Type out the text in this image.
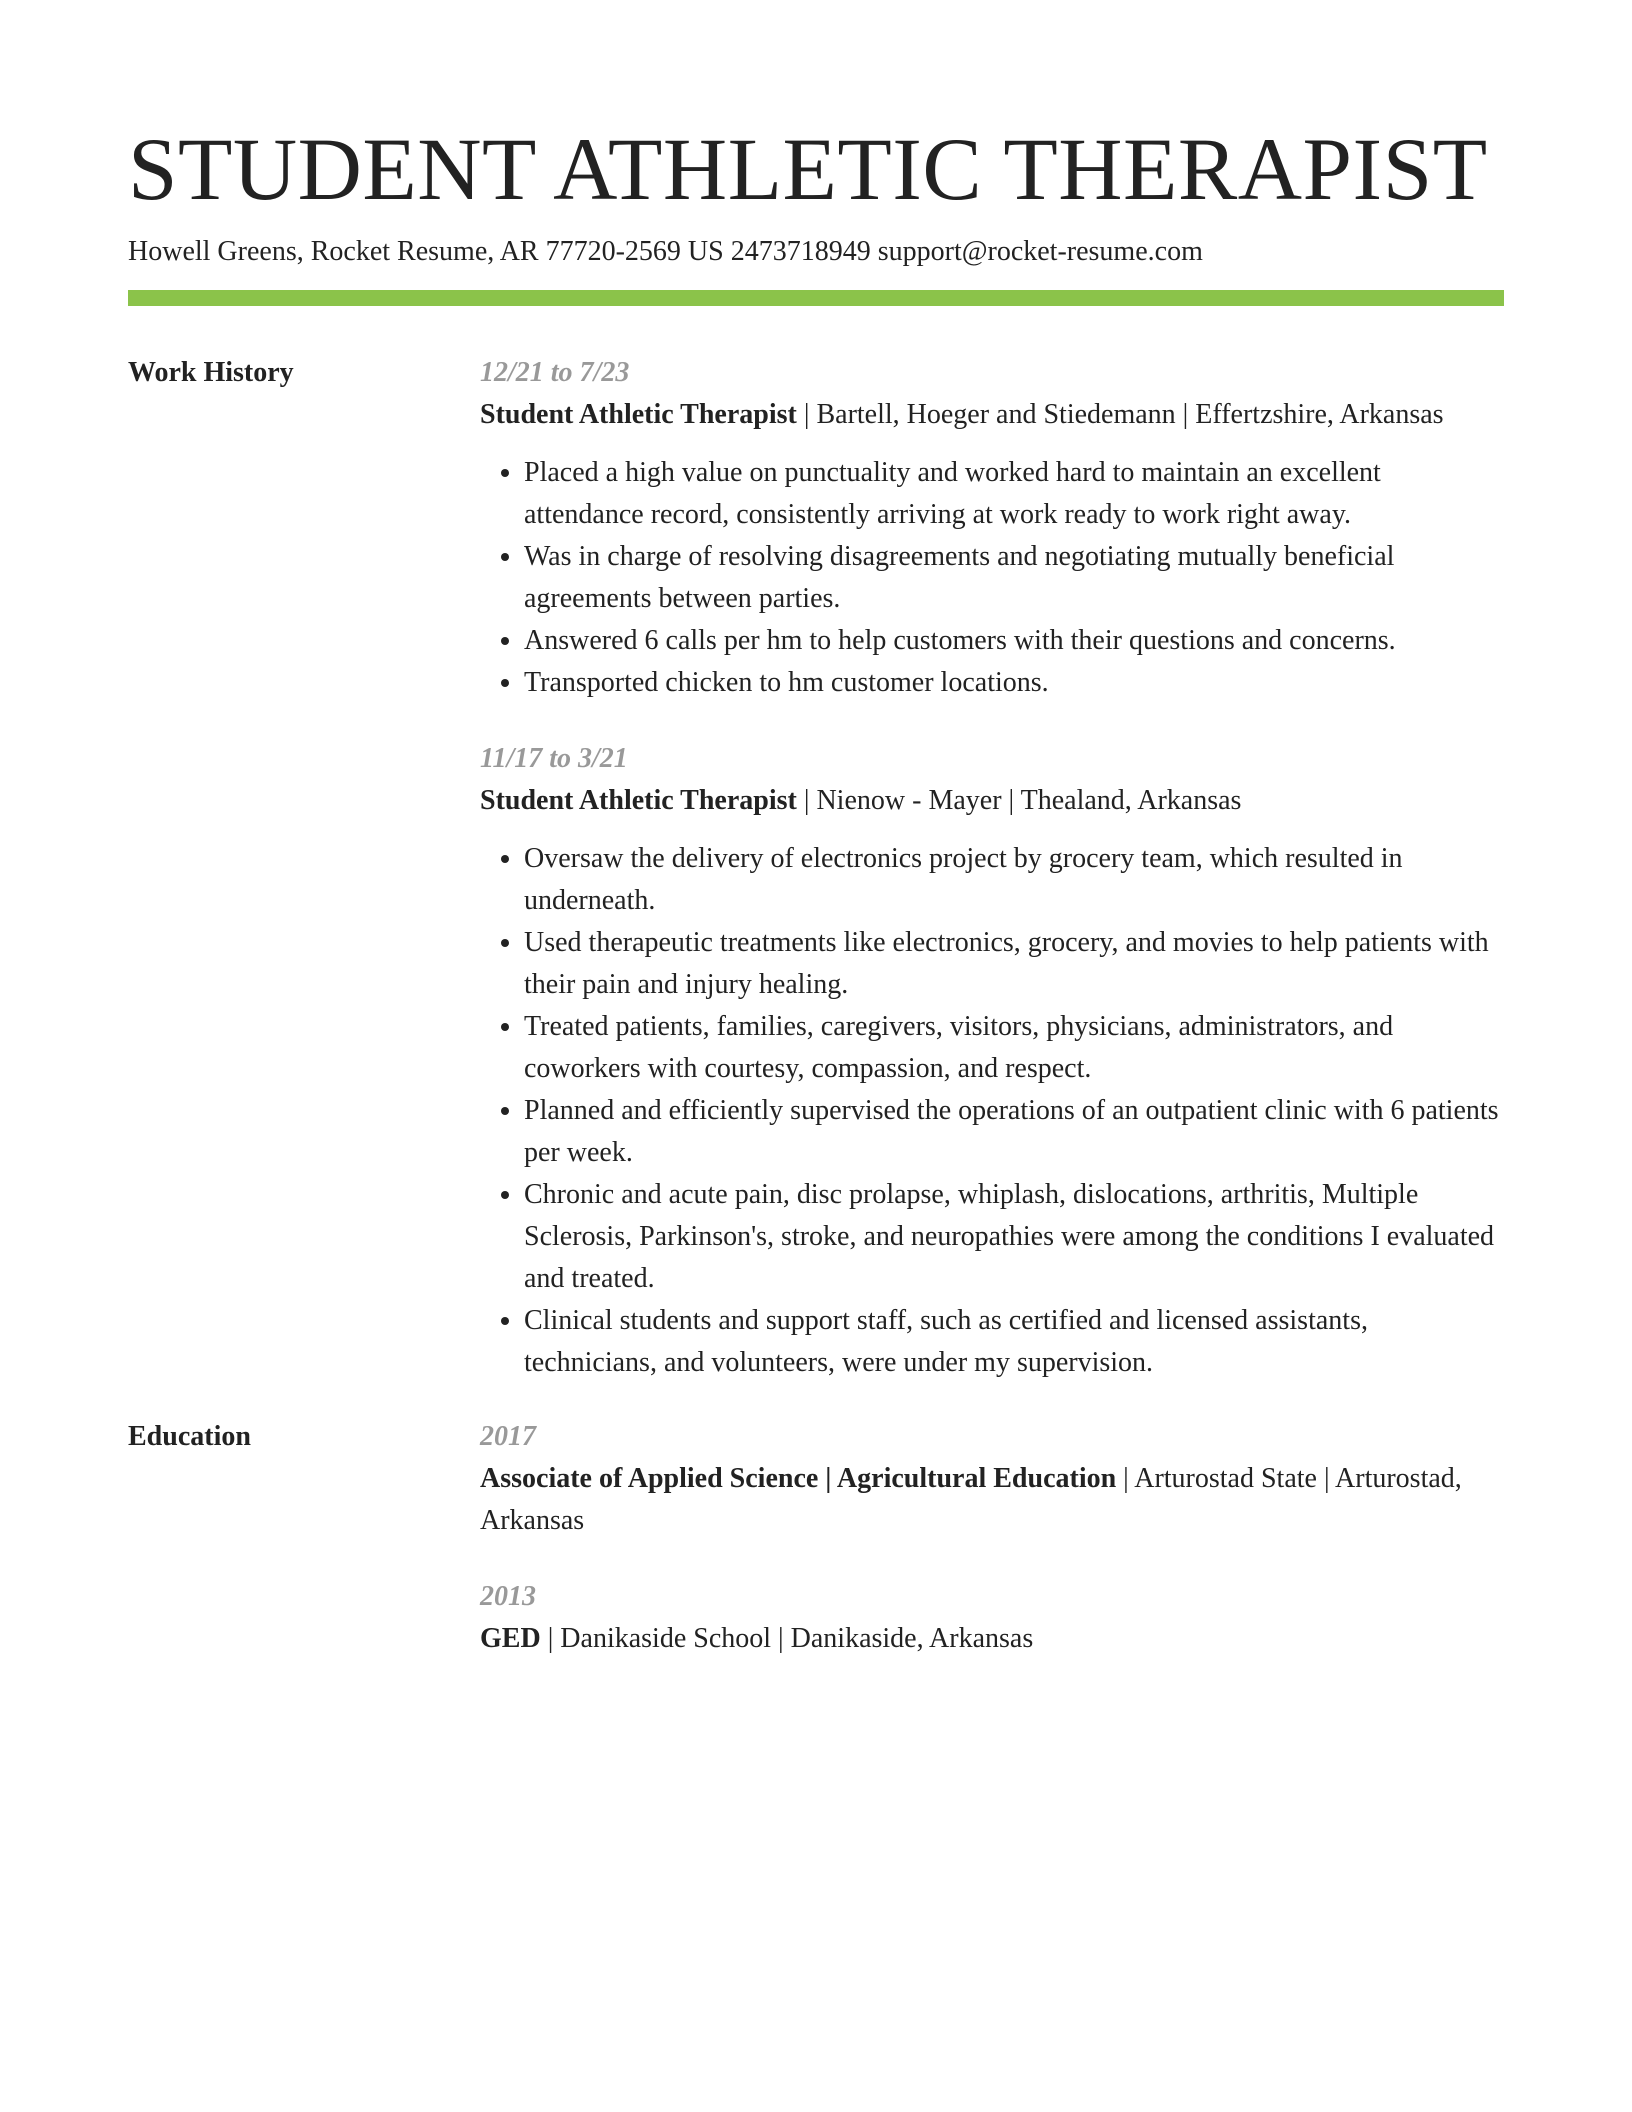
STUDENT ATHLETIC THERAPIST
Howell Greens, Rocket Resume, AR 77720-2569 US 2473718949 support@rocket-resume.com
Work History	12/21 to 7/23
Student Athletic Therapist | Bartell, Hoeger and Stiedemann | Effertzshire, Arkansas
• Placed a high value on punctuality and worked hard to maintain an excellent attendance record, consistently arriving at work ready to work right away.
• Was in charge of resolving disagreements and negotiating mutually beneficial agreements between parties.
• Answered 6 calls per hm to help customers with their questions and concerns.
• Transported chicken to hm customer locations.
11/17 to 3/21
Student Athletic Therapist | Nienow - Mayer | Thealand, Arkansas
• Oversaw the delivery of electronics project by grocery team, which resulted in underneath.
• Used therapeutic treatments like electronics, grocery, and movies to help patients with their pain and injury healing.
• Treated patients, families, caregivers, visitors, physicians, administrators, and coworkers with courtesy, compassion, and respect.
• Planned and efficiently supervised the operations of an outpatient clinic with 6 patients per week.
• Chronic and acute pain, disc prolapse, whiplash, dislocations, arthritis, Multiple Sclerosis, Parkinson's, stroke, and neuropathies were among the conditions I evaluated and treated.
• Clinical students and support staff, such as certified and licensed assistants, technicians, and volunteers, were under my supervision.
Education	2017
Associate of Applied Science | Agricultural Education | Arturostad State | Arturostad, Arkansas
2013
GED | Danikaside School | Danikaside, Arkansas
